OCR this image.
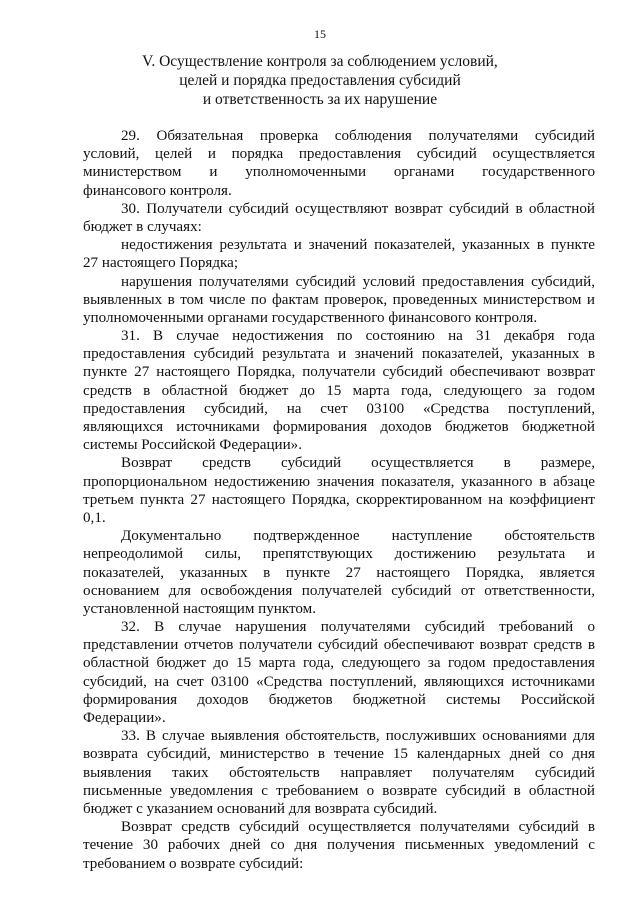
15
V. Осуществление контроля за соблюдением условий,
целей и порядка предоставления субсидий
и ответственность за их нарушение
29. Обязательная проверка соблюдения получателями субсидий
условий, целей и порядка предоставления субсидий осуществляется
министерством и уполномоченными органами государственного
финансового контроля.
30. Получатели субсидий осуществляют возврат субсидий в областной
бюджет в случаях:
недостижения результата и значений показателей, указанных в пункте
27 настоящего Порядка;
нарушения получателями субсидий условий предоставления субсидий,
выявленных в том числе по фактам проверок, проведенных министерством и
уполномоченными органами государственного финансового контроля.
31. В случае недостижения по состоянию на 31 декабря года
предоставления субсидий результата и значений показателей, указанных в
пункте 27 настоящего Порядка, получатели субсидий обеспечивают возврат
средств в областной бюджет до 15 марта года, следующего за годом
предоставления субсидий, на счет 03100 «Средства поступлений,
являющихся источниками формирования доходов бюджетов бюджетной
системы Российской Федерации».
Возврат средств субсидий осуществляется в размере,
пропорциональном недостижению значения показателя, указанного в абзаце
третьем пункта 27 настоящего Порядка, скорректированном на коэффициент
0,1.
Документально подтвержденное наступление обстоятельств
непреодолимой силы, препятствующих достижению результата и
показателей, указанных в пункте 27 настоящего Порядка, является
основанием для освобождения получателей субсидий от ответственности,
установленной настоящим пунктом.
32. В случае нарушения получателями субсидий требований о
представлении отчетов получатели субсидий обеспечивают возврат средств в
областной бюджет до 15 марта года, следующего за годом предоставления
субсидий, на счет 03100 «Средства поступлений, являющихся источниками
формирования доходов бюджетов бюджетной системы Российской
Федерации».
33. В случае выявления обстоятельств, послуживших основаниями для
возврата субсидий, министерство в течение 15 календарных дней со дня
выявления таких обстоятельств направляет получателям субсидий
письменные уведомления с требованием о возврате субсидий в областной
бюджет с указанием оснований для возврата субсидий.
Возврат средств субсидий осуществляется получателями субсидий в
течение 30 рабочих дней со дня получения письменных уведомлений с
требованием о возврате субсидий:
